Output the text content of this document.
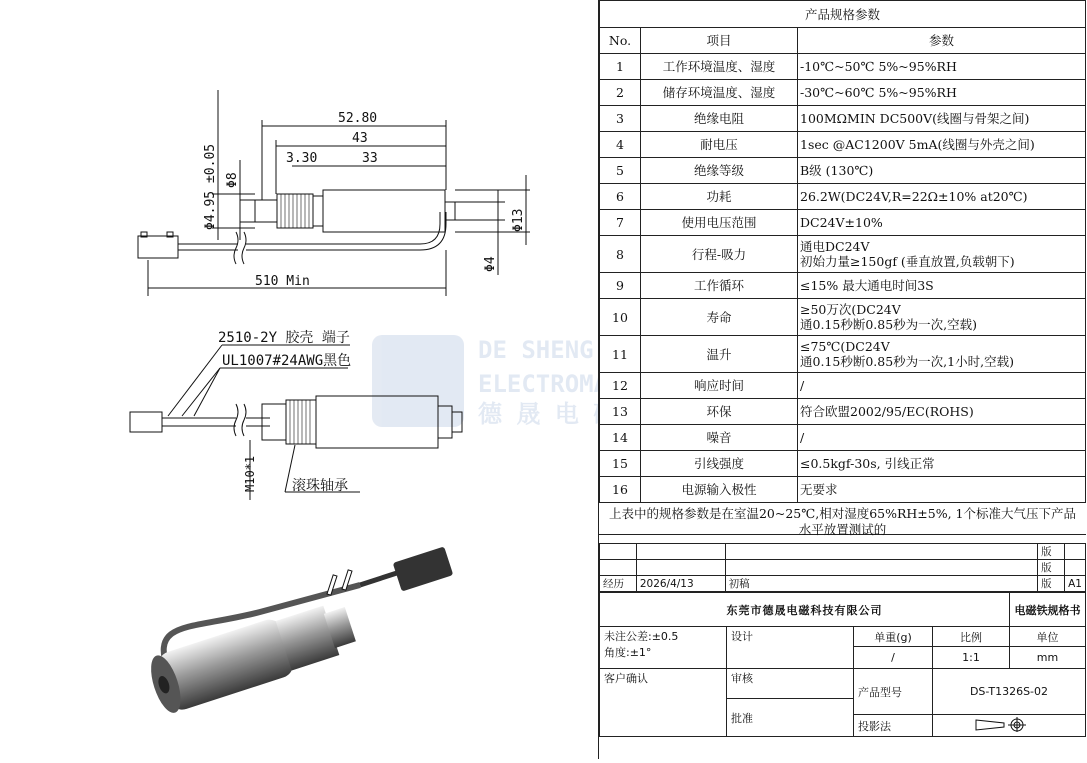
DE SHENG
ELECTROM
德 晟 电
52.80
43
33
3.30
510 Min
Φ4.95 ±0.05 Φ8
Φ13
Φ4
2510-2Y 胶壳 端子
UL1007#24AWG黑色
M10*1	滚珠轴承
产品规格参数		
No.	项目	参数
1	工作环境温度、湿度	-10℃~50℃ 5%~95%RH

2	储存环境温度、湿度	-30℃~60℃ 5%~95%RH

3	绝缘电阻	100MΩMIN DC500V(线圈与骨架之间)

4	耐电压	1sec @AC1200V 5mA(线圈与外壳之间)

5	绝缘等级	B级 (130℃)

6	功耗	26.2W(DC24V,R=22Ω±10% at20℃)

7	使用电压范围	DC24V±10%

8	行程-吸力	通电DC24V
初始力量≥150gf (垂直放置,负载朝下)

9	工作循环	≤15% 最大通电时间3S

10	寿命	≥50万次(DC24V
通0.15秒断0.85秒为一次,空载)

11	温升	≤75℃(DC24V
通0.15秒断0.85秒为一次,1小时,空载)

12	响应时间	/

13	环保	符合欧盟2002/95/EC(ROHS)

14	噪音	/

15	引线强度	≤0.5kgf-30s, 引线正常

16	电源输入极性	无要求
上表中的规格参数是在室温20~25℃,相对湿度65%RH±5%, 1个标准大气压下产品水平放置测试的
			版	
			版	
经历	2026/4/13	初稿	版	A1
东莞市德晟电磁科技有限公司				电磁铁规格书

未注公差:±0.5
角度:±1°	设计	单重(g)	比例	单位
		/	1:1	mm
客户确认	审核	产品型号	DS-T1326S-02	
	批准			
		投影法	
